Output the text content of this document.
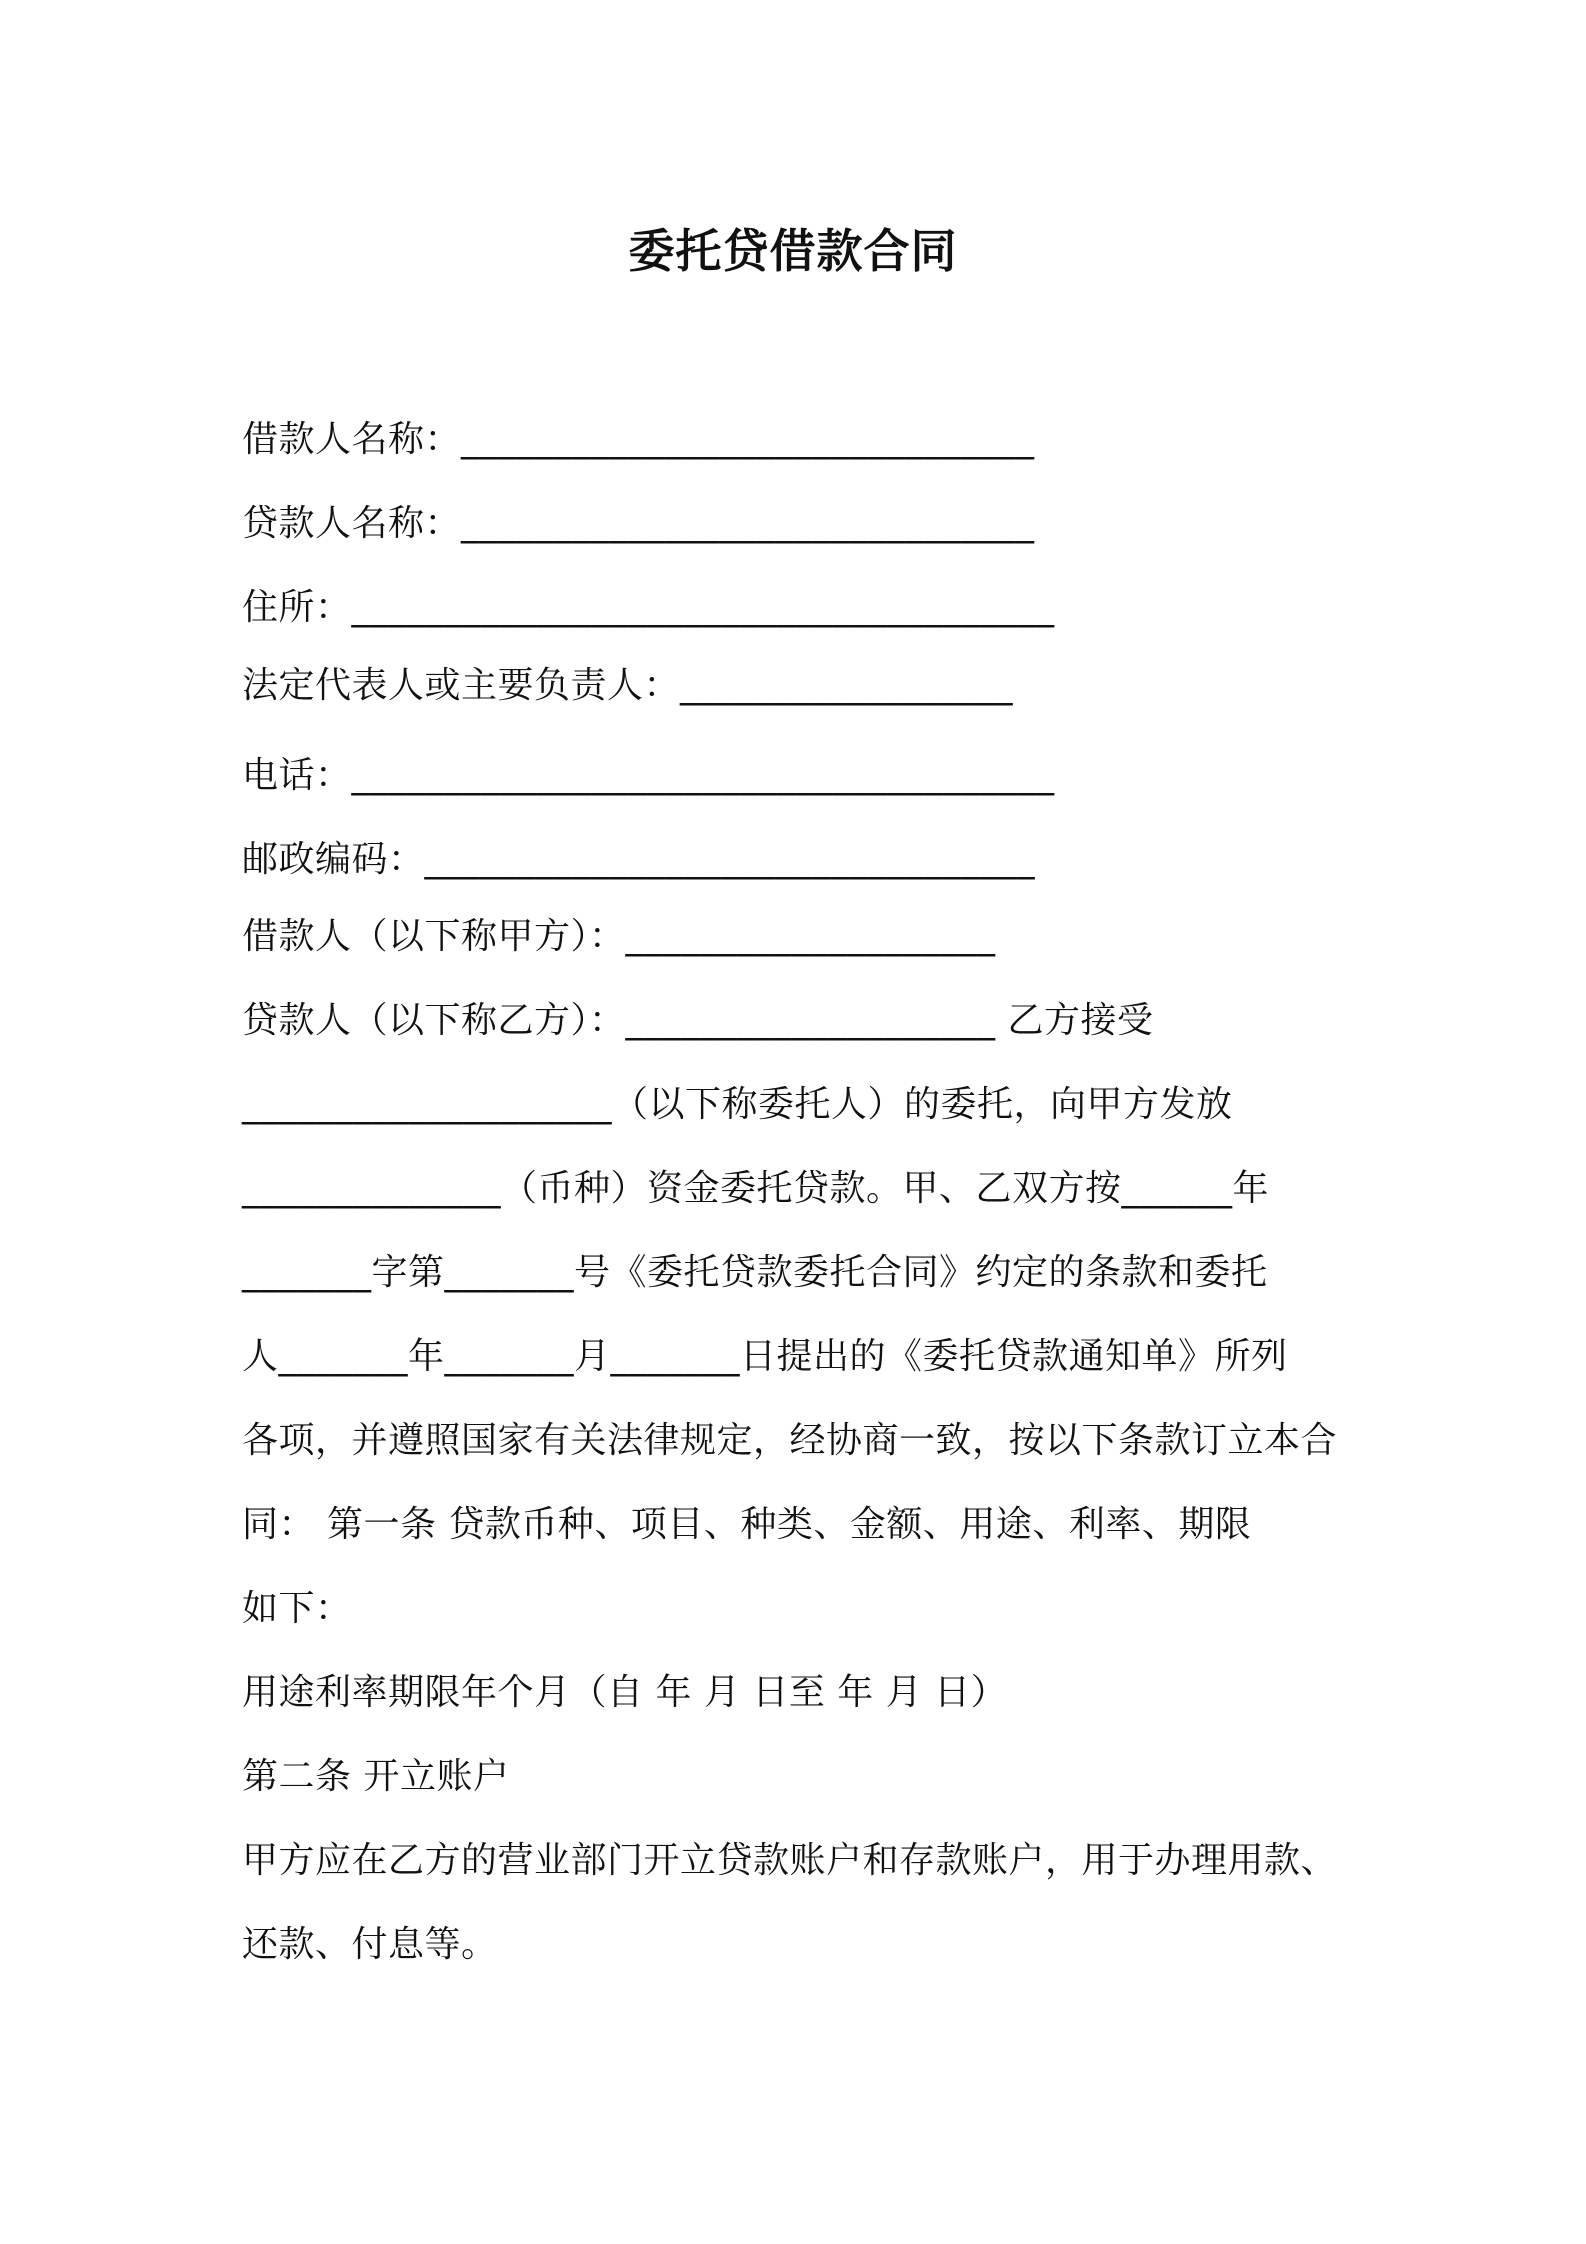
委托贷借款合同
借款人名称：_______________________________
贷款人名称：_______________________________
住所：______________________________________
法定代表人或主要负责人：__________________
电话：______________________________________
邮政编码：_________________________________
借款人（以下称甲方）：____________________
贷款人（以下称乙方）：____________________ 乙方接受
____________________（以下称委托人）的委托，向甲方发放
______________（币种）资金委托贷款。甲、乙双方按______年
_______字第_______号《委托贷款委托合同》约定的条款和委托
人_______年_______月_______日提出的《委托贷款通知单》所列
各项，并遵照国家有关法律规定，经协商一致，按以下条款订立本合
同： 第一条 贷款币种、项目、种类、金额、用途、利率、期限
如下：
用途利率期限年个月（自 年 月 日至 年 月 日）
第二条 开立账户
甲方应在乙方的营业部门开立贷款账户和存款账户，用于办理用款、
还款、付息等。
